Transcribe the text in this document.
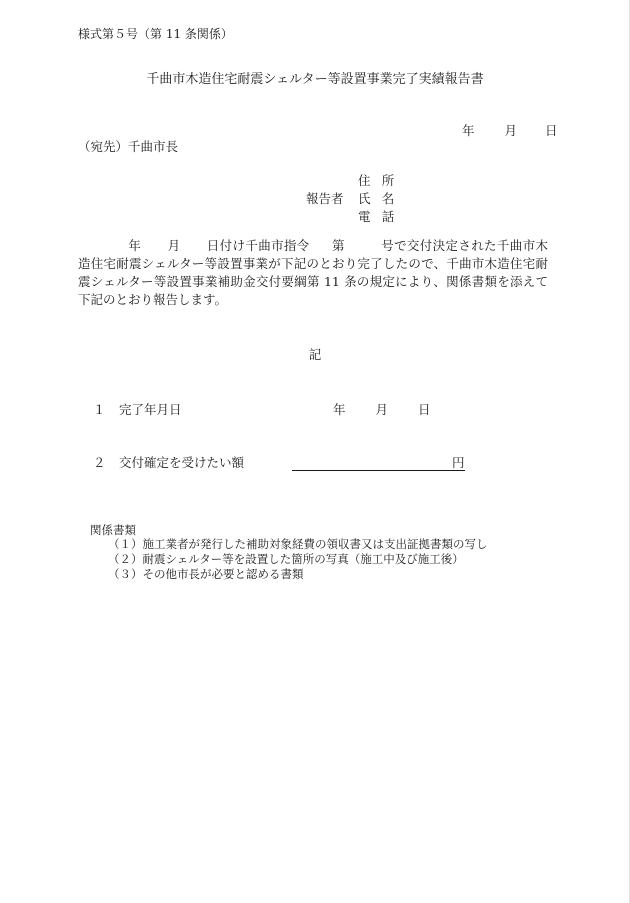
様式第５号（第 11 条関係）
千曲市木造住宅耐震シェルター等設置事業完了実績報告書
年 月 日
（宛先）千曲市長
住所
報告者	氏名
電話
年 月 日付け千曲市指令 第	号で交付決定された千曲市木造住宅耐震シェルター等設置事業が下記のとおり完了したので、千曲市木造住宅耐震シェルター等設置事業補助金交付要綱第 11 条の規定により、関係書類を添えて下記のとおり報告します。
記
１ 完了年月日	年 月 日
２ 交付確定を受けたい額	円
関係書類
（１）施工業者が発行した補助対象経費の領収書又は支出証拠書類の写し
（２）耐震シェルター等を設置した箇所の写真（施工中及び施工後）
（３）その他市長が必要と認める書類
